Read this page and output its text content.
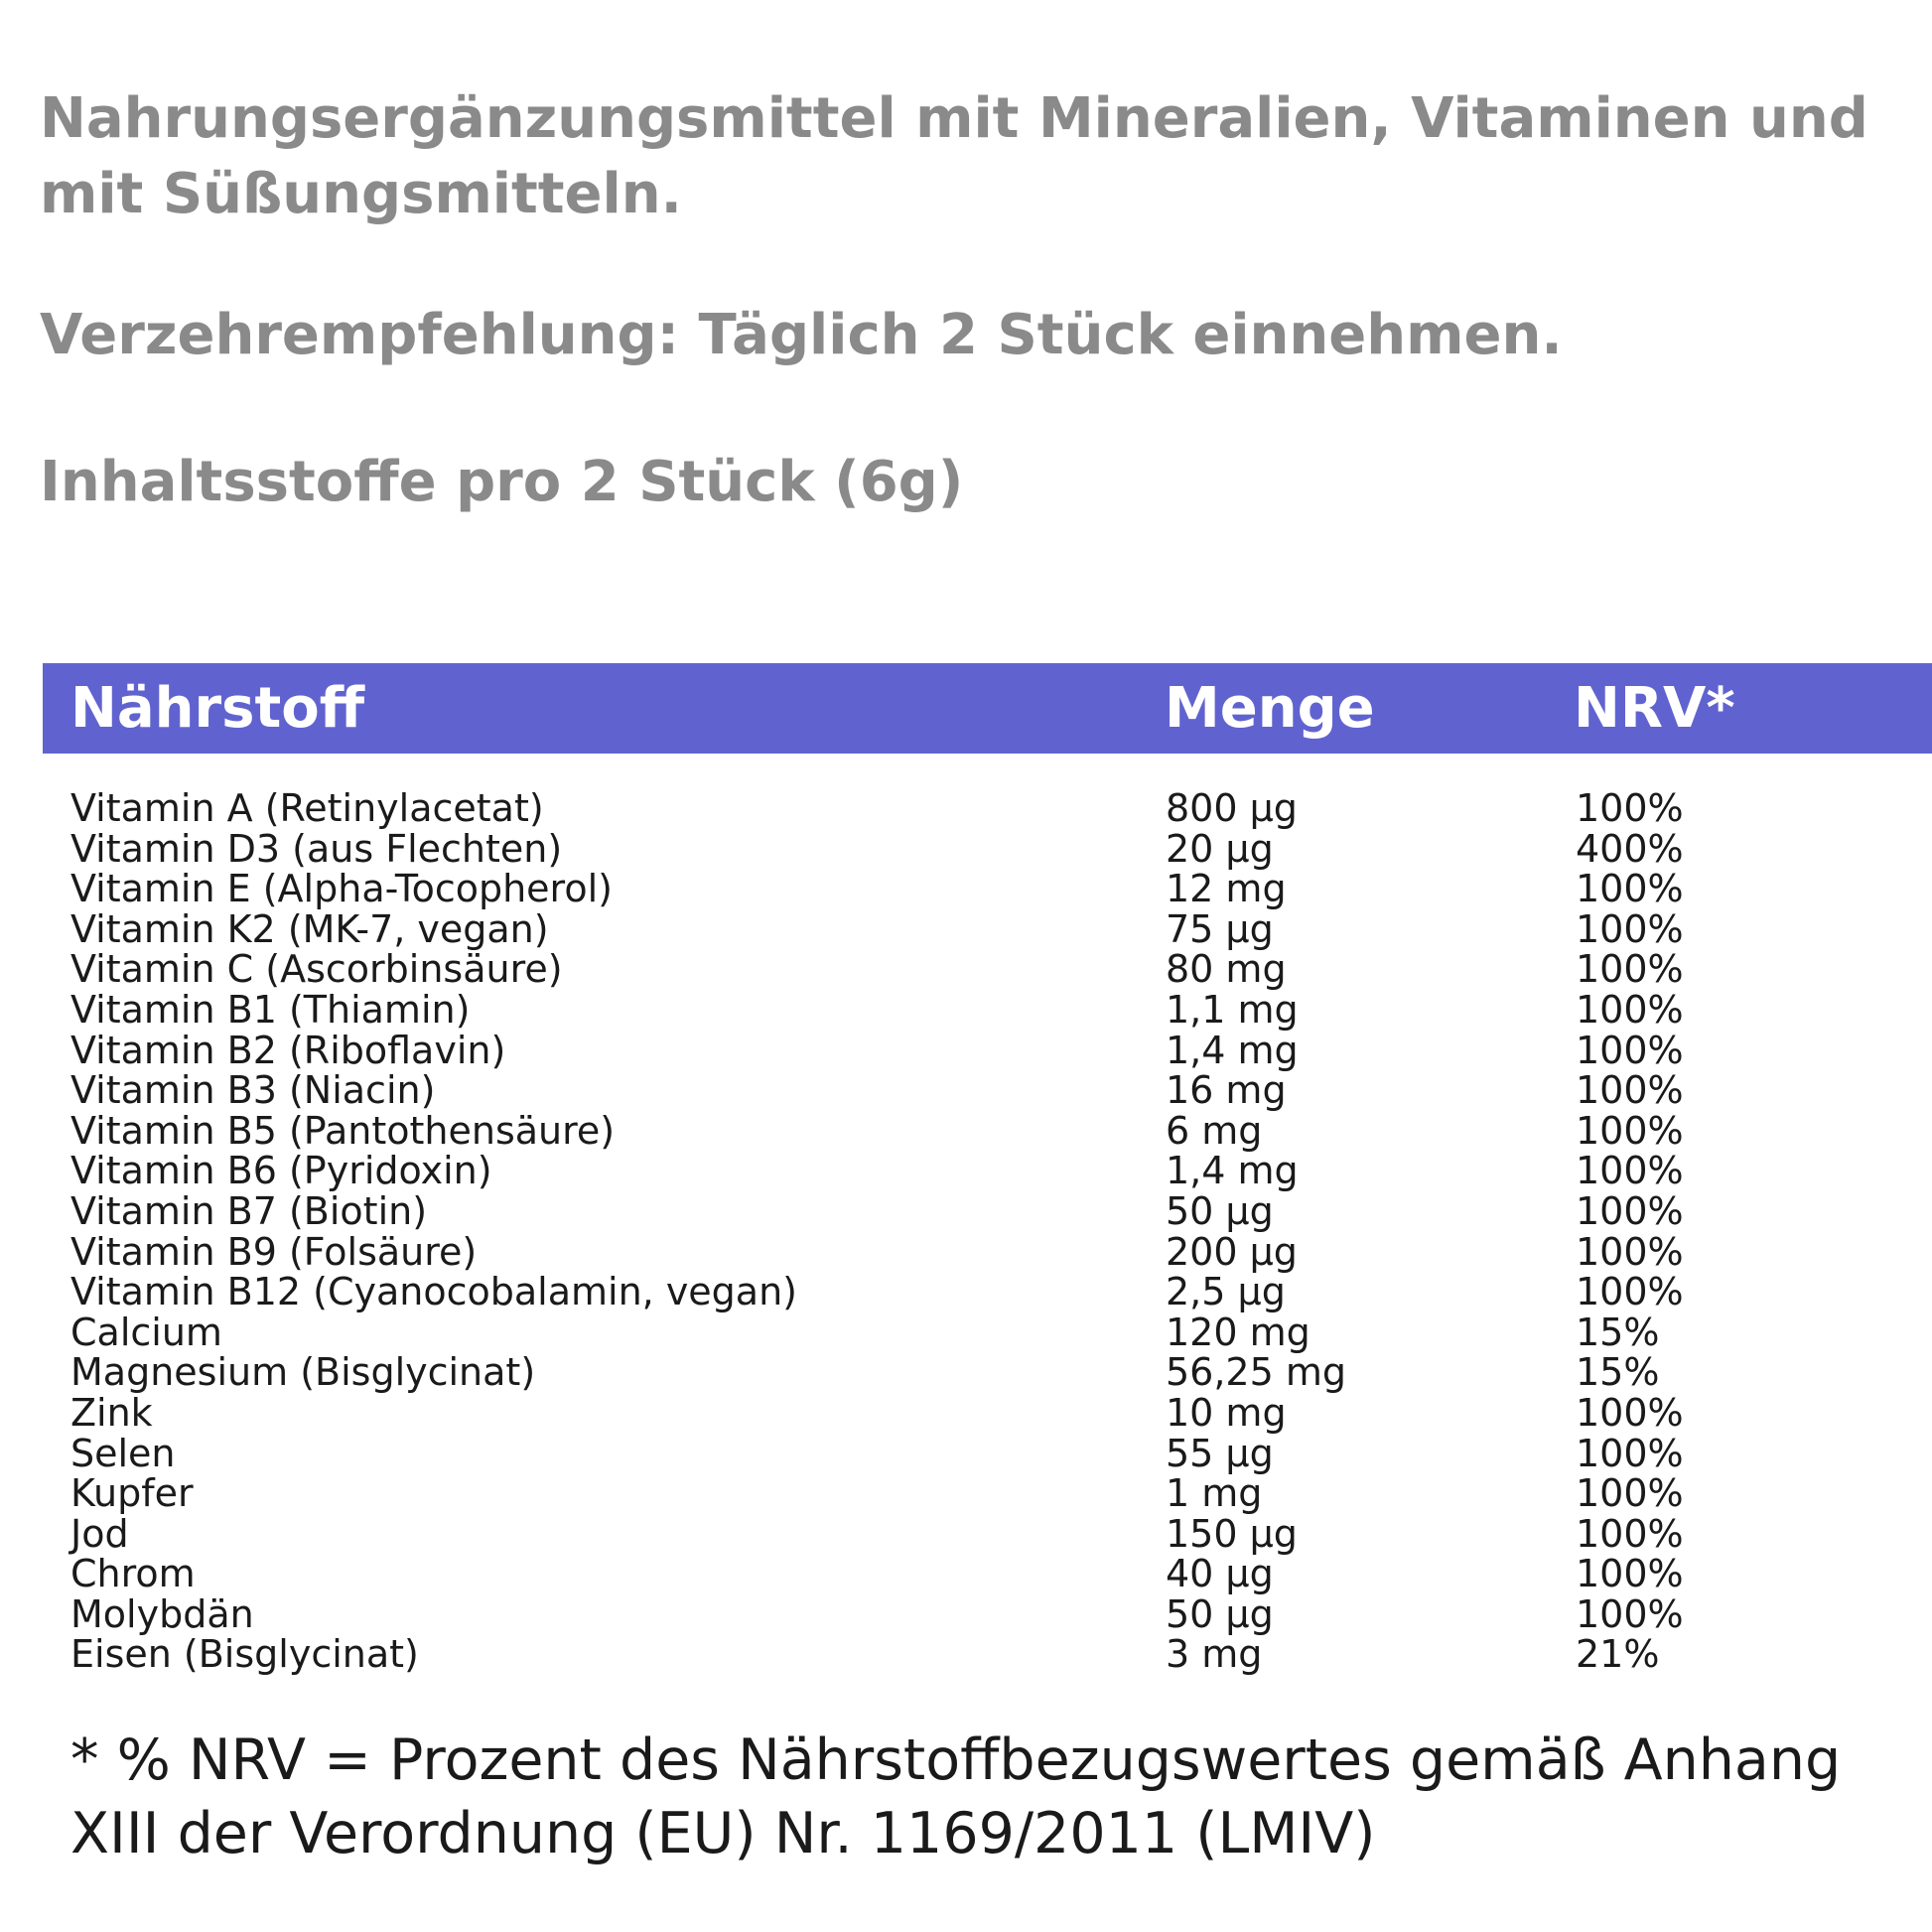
Nahrungsergänzungsmittel mit Mineralien, Vitaminen und mit Süßungsmitteln.

Verzehrempfehlung: Täglich 2 Stück einnehmen.

Inhaltsstoffe pro 2 Stück (6g)

Nährstoff	Menge	NRV*
Vitamin A (Retinylacetat)	800 µg	100%
Vitamin D3 (aus Flechten)	20 µg	400%
Vitamin E (Alpha-Tocopherol)	12 mg	100%
Vitamin K2 (MK-7, vegan)	75 µg	100%
Vitamin C (Ascorbinsäure)	80 mg	100%
Vitamin B1 (Thiamin)	1,1 mg	100%
Vitamin B2 (Riboflavin)	1,4 mg	100%
Vitamin B3 (Niacin)	16 mg	100%
Vitamin B5 (Pantothensäure)	6 mg	100%
Vitamin B6 (Pyridoxin)	1,4 mg	100%
Vitamin B7 (Biotin)	50 µg	100%
Vitamin B9 (Folsäure)	200 µg	100%
Vitamin B12 (Cyanocobalamin, vegan)	2,5 µg	100%
Calcium	120 mg	15%
Magnesium (Bisglycinat)	56,25 mg	15%
Zink	10 mg	100%
Selen	55 µg	100%
Kupfer	1 mg	100%
Jod	150 µg	100%
Chrom	40 µg	100%
Molybdän	50 µg	100%
Eisen (Bisglycinat)	3 mg	21%

* % NRV = Prozent des Nährstoffbezugswertes gemäß Anhang XIII der Verordnung (EU) Nr. 1169/2011 (LMIV)
